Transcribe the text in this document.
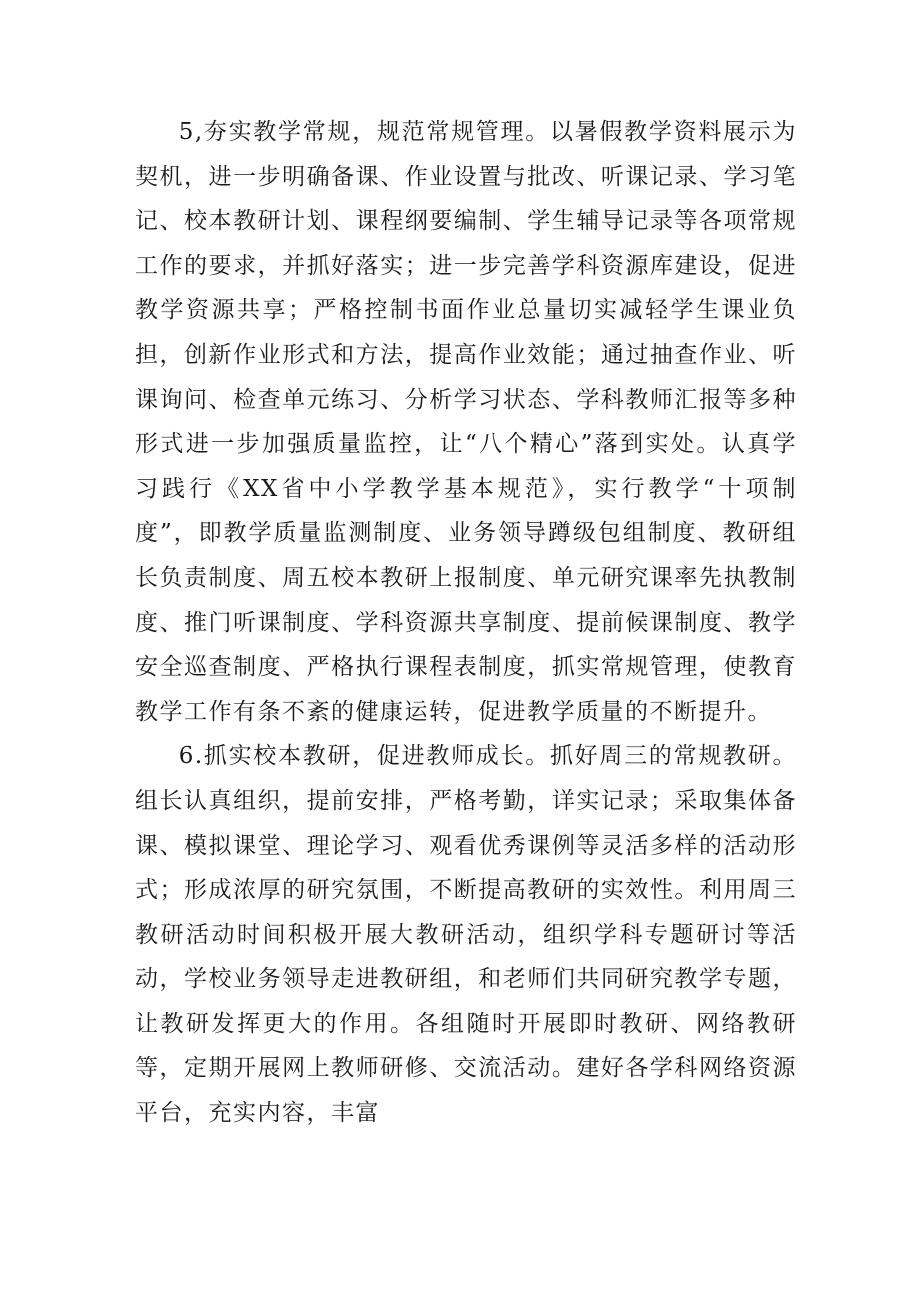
5,夯实教学常规，规范常规管理。以暑假教学资料展示为契机，进一步明确备课、作业设置与批改、听课记录、学习笔记、校本教研计划、课程纲要编制、学生辅导记录等各项常规工作的要求，并抓好落实；进一步完善学科资源库建设，促进教学资源共享；严格控制书面作业总量切实减轻学生课业负担，创新作业形式和方法，提高作业效能；通过抽查作业、听课询问、检查单元练习、分析学习状态、学科教师汇报等多种形式进一步加强质量监控，让“八个精心”落到实处。认真学习践行《XX省中小学教学基本规范》，实行教学“十项制度”，即教学质量监测制度、业务领导蹲级包组制度、教研组长负责制度、周五校本教研上报制度、单元研究课率先执教制度、推门听课制度、学科资源共享制度、提前候课制度、教学安全巡查制度、严格执行课程表制度，抓实常规管理，使教育教学工作有条不紊的健康运转，促进教学质量的不断提升。

6.抓实校本教研，促进教师成长。抓好周三的常规教研。组长认真组织，提前安排，严格考勤，详实记录；采取集体备课、模拟课堂、理论学习、观看优秀课例等灵活多样的活动形式；形成浓厚的研究氛围，不断提高教研的实效性。利用周三教研活动时间积极开展大教研活动，组织学科专题研讨等活动，学校业务领导走进教研组，和老师们共同研究教学专题，让教研发挥更大的作用。各组随时开展即时教研、网络教研等，定期开展网上教师研修、交流活动。建好各学科网络资源平台，充实内容，丰富
